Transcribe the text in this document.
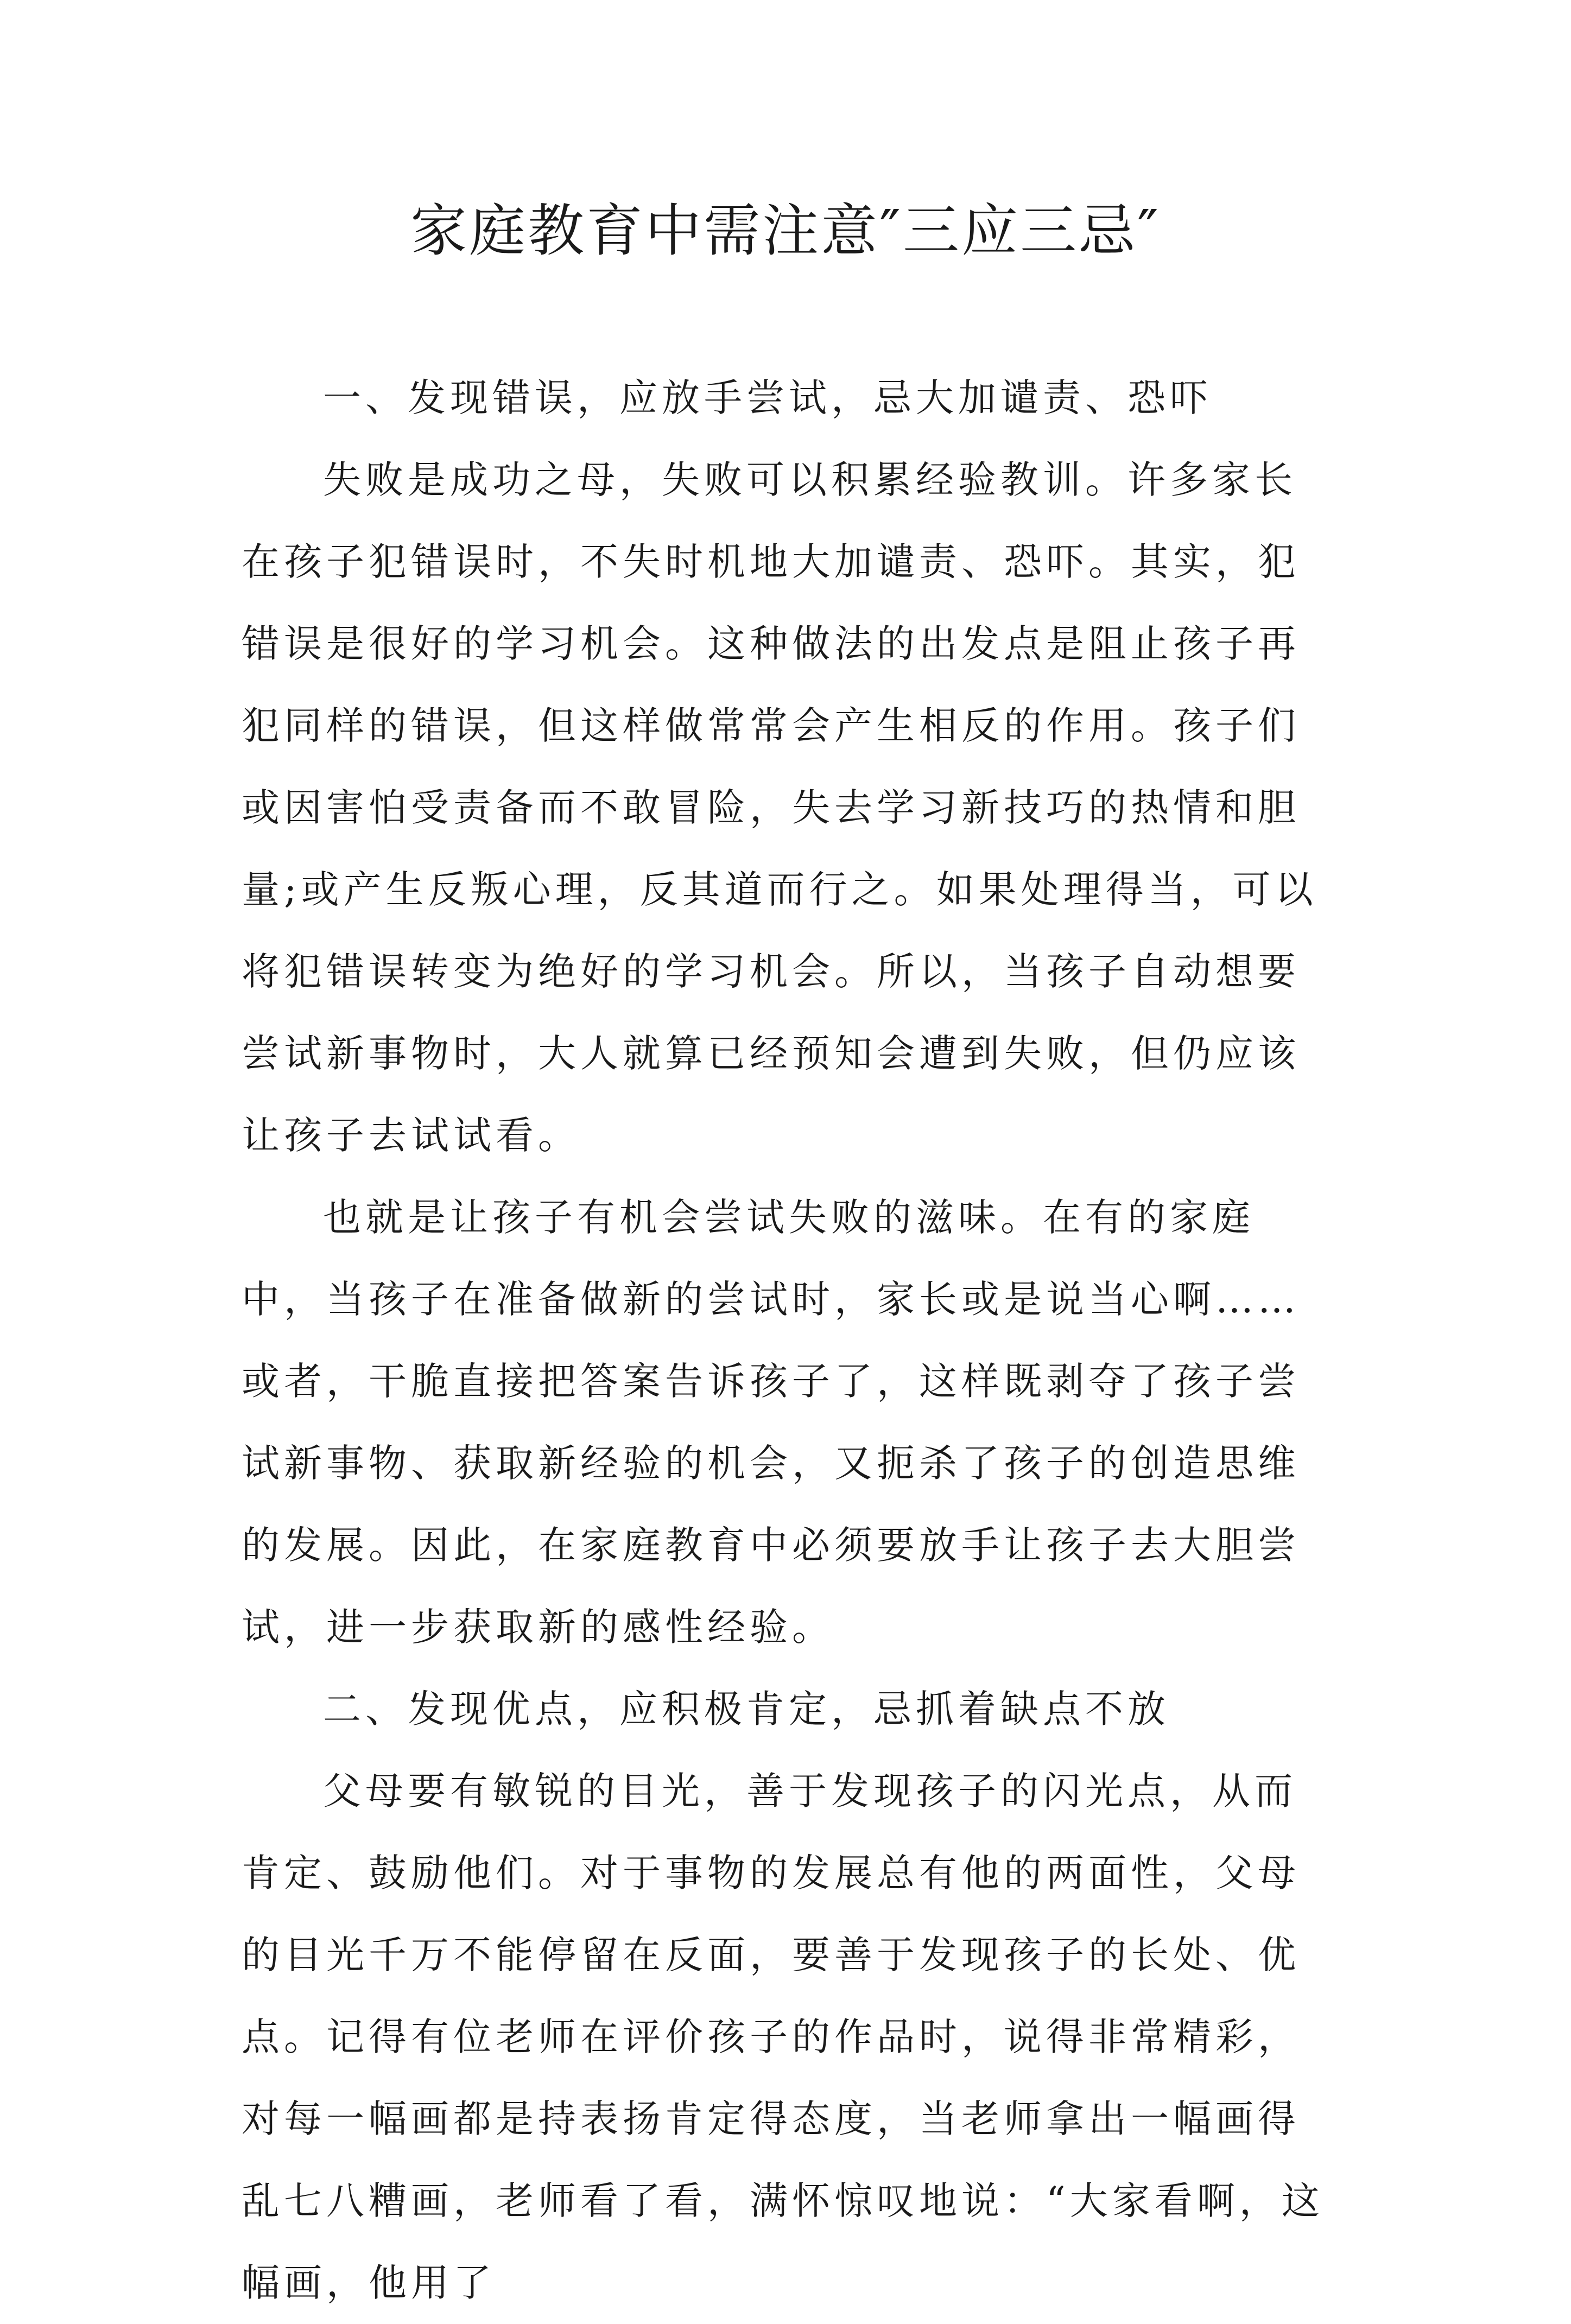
家庭教育中需注意″三应三忌″

一、发现错误，应放手尝试，忌大加谴责、恐吓

失败是成功之母，失败可以积累经验教训。许多家长在孩子犯错误时，不失时机地大加谴责、恐吓。其实，犯错误是很好的学习机会。这种做法的出发点是阻止孩子再犯同样的错误，但这样做常常会产生相反的作用。孩子们或因害怕受责备而不敢冒险，失去学习新技巧的热情和胆量;或产生反叛心理，反其道而行之。如果处理得当，可以将犯错误转变为绝好的学习机会。所以，当孩子自动想要尝试新事物时，大人就算已经预知会遭到失败，但仍应该让孩子去试试看。

也就是让孩子有机会尝试失败的滋味。在有的家庭中，当孩子在准备做新的尝试时，家长或是说当心啊……或者，干脆直接把答案告诉孩子了，这样既剥夺了孩子尝试新事物、获取新经验的机会，又扼杀了孩子的创造思维的发展。因此，在家庭教育中必须要放手让孩子去大胆尝试，进一步获取新的感性经验。

二、发现优点，应积极肯定，忌抓着缺点不放

父母要有敏锐的目光，善于发现孩子的闪光点，从而肯定、鼓励他们。对于事物的发展总有他的两面性，父母的目光千万不能停留在反面，要善于发现孩子的长处、优点。记得有位老师在评价孩子的作品时，说得非常精彩，对每一幅画都是持表扬肯定得态度，当老师拿出一幅画得乱七八糟画，老师看了看，满怀惊叹地说：“大家看啊，这幅画，他用了
